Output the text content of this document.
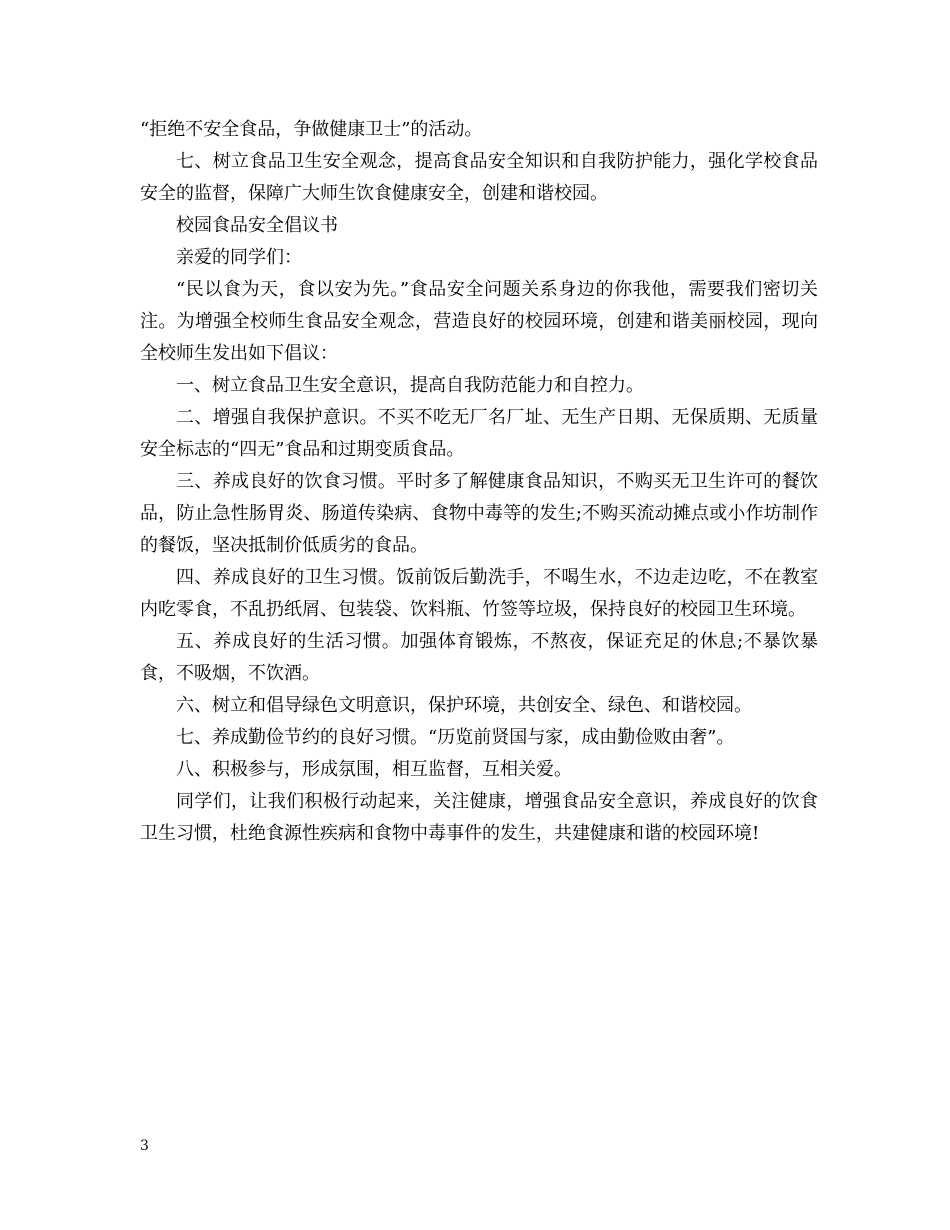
“拒绝不安全食品，争做健康卫士”的活动。

七、树立食品卫生安全观念，提高食品安全知识和自我防护能力，强化学校食品安全的监督，保障广大师生饮食健康安全，创建和谐校园。

校园食品安全倡议书

亲爱的同学们：

“民以食为天，食以安为先。”食品安全问题关系身边的你我他，需要我们密切关注。为增强全校师生食品安全观念，营造良好的校园环境，创建和谐美丽校园，现向全校师生发出如下倡议：

一、树立食品卫生安全意识，提高自我防范能力和自控力。

二、增强自我保护意识。不买不吃无厂名厂址、无生产日期、无保质期、无质量安全标志的“四无”食品和过期变质食品。

三、养成良好的饮食习惯。平时多了解健康食品知识，不购买无卫生许可的餐饮品，防止急性肠胃炎、肠道传染病、食物中毒等的发生;不购买流动摊点或小作坊制作的餐饭，坚决抵制价低质劣的食品。

四、养成良好的卫生习惯。饭前饭后勤洗手，不喝生水，不边走边吃，不在教室内吃零食，不乱扔纸屑、包装袋、饮料瓶、竹签等垃圾，保持良好的校园卫生环境。

五、养成良好的生活习惯。加强体育锻炼，不熬夜，保证充足的休息;不暴饮暴食，不吸烟，不饮酒。

六、树立和倡导绿色文明意识，保护环境，共创安全、绿色、和谐校园。

七、养成勤俭节约的良好习惯。“历览前贤国与家，成由勤俭败由奢”。

八、积极参与，形成氛围，相互监督，互相关爱。

同学们，让我们积极行动起来，关注健康，增强食品安全意识，养成良好的饮食卫生习惯，杜绝食源性疾病和食物中毒事件的发生，共建健康和谐的校园环境!

3
